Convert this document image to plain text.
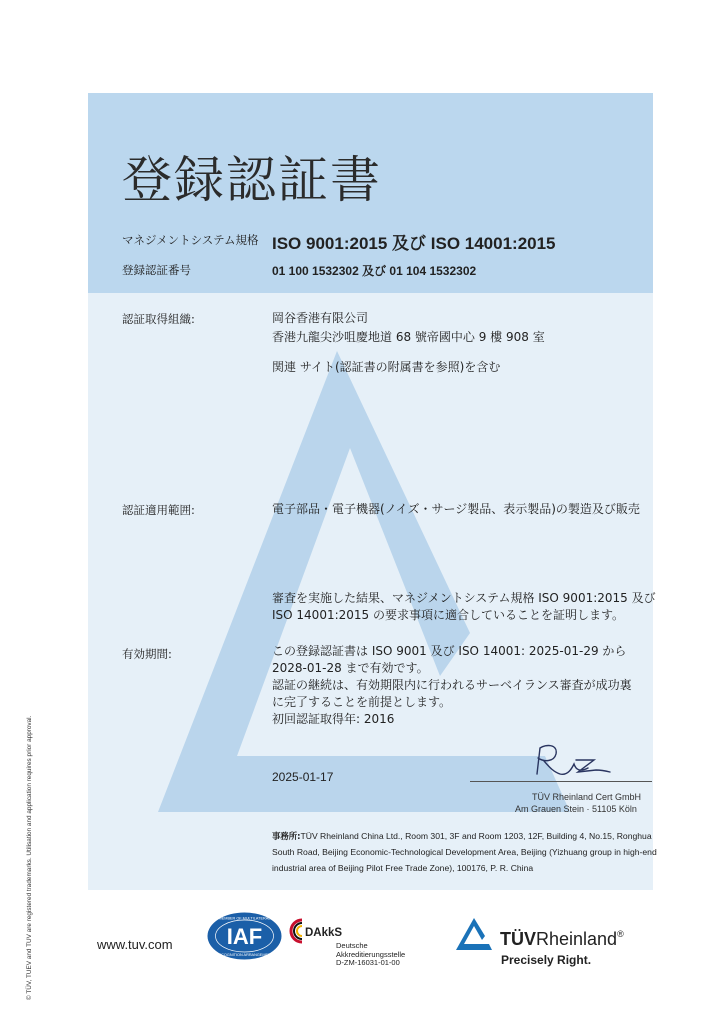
登録認証書
マネジメントシステム規格 ISO 9001:2015 及び ISO 14001:2015
登録認証番号	01 100 1532302 及び 01 104 1532302
認証取得組織:	岡谷香港有限公司
香港九龍尖沙咀慶地道 68 號帝國中心 9 樓 908 室
関連 サイト(認証書の附属書を参照)を含む
認証適用範囲:	電子部品・電子機器(ノイズ・サージ製品、表示製品)の製造及び販売
審査を実施した結果、マネジメントシステム規格 ISO 9001:2015 及び
ISO 14001:2015 の要求事項に適合していることを証明します。
有効期間:	この登録認証書は ISO 9001 及び ISO 14001: 2025-01-29 から
2028-01-28 まで有効です。
認証の継続は、有効期限内に行われるサーベイランス審査が成功裏
に完了することを前提とします。
初回認証取得年: 2016
2025-01-17
TÜV Rheinland Cert GmbH
Am Grauen Stein · 51105 Köln
事務所:TÜV Rheinland China Ltd., Room 301, 3F and Room 1203, 12F, Building 4, No.15, Ronghua South Road, Beijing Economic-Technological Development Area, Beijing (Yizhuang group in high-end industrial area of Beijing Pilot Free Trade Zone), 100176, P. R. China
© TÜV, TUEV and TUV are registered trademarks. Utilisation and application requires prior approval.	www.tuv.com IAF
MEMBER OF MULTILATERAL
RECOGNITION ARRANGEMENT
DAkkS
Deutsche
Akkreditierungsstelle
D-ZM-16031-01-00
TÜVRheinland®
Precisely Right.
